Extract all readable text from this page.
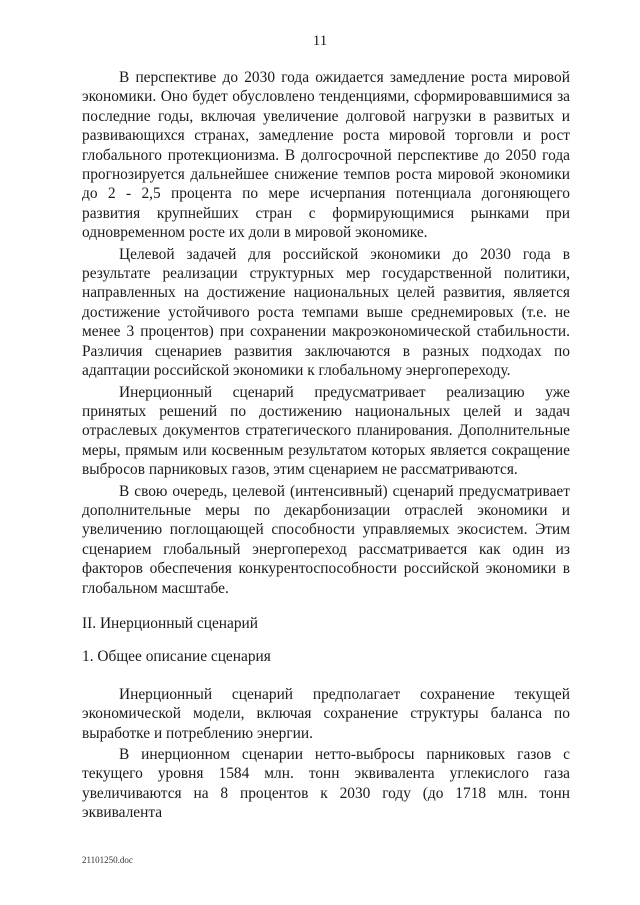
11

В перспективе до 2030 года ожидается замедление роста мировой экономики. Оно будет обусловлено тенденциями, сформировавшимися за последние годы, включая увеличение долговой нагрузки в развитых и развивающихся странах, замедление роста мировой торговли и рост глобального протекционизма. В долгосрочной перспективе до 2050 года прогнозируется дальнейшее снижение темпов роста мировой экономики до 2 - 2,5 процента по мере исчерпания потенциала догоняющего развития крупнейших стран с формирующимися рынками при одновременном росте их доли в мировой экономике.

Целевой задачей для российской экономики до 2030 года в результате реализации структурных мер государственной политики, направленных на достижение национальных целей развития, является достижение устойчивого роста темпами выше среднемировых (т.е. не менее 3 процентов) при сохранении макроэкономической стабильности. Различия сценариев развития заключаются в разных подходах по адаптации российской экономики к глобальному энергопереходу.

Инерционный сценарий предусматривает реализацию уже принятых решений по достижению национальных целей и задач отраслевых документов стратегического планирования. Дополнительные меры, прямым или косвенным результатом которых является сокращение выбросов парниковых газов, этим сценарием не рассматриваются.

В свою очередь, целевой (интенсивный) сценарий предусматривает дополнительные меры по декарбонизации отраслей экономики и увеличению поглощающей способности управляемых экосистем. Этим сценарием глобальный энергопереход рассматривается как один из факторов обеспечения конкурентоспособности российской экономики в глобальном масштабе.

II. Инерционный сценарий

1. Общее описание сценария

Инерционный сценарий предполагает сохранение текущей экономической модели, включая сохранение структуры баланса по выработке и потреблению энергии.

В инерционном сценарии нетто-выбросы парниковых газов с текущего уровня 1584 млн. тонн эквивалента углекислого газа увеличиваются на 8 процентов к 2030 году (до 1718 млн. тонн эквивалента

21101250.doc
